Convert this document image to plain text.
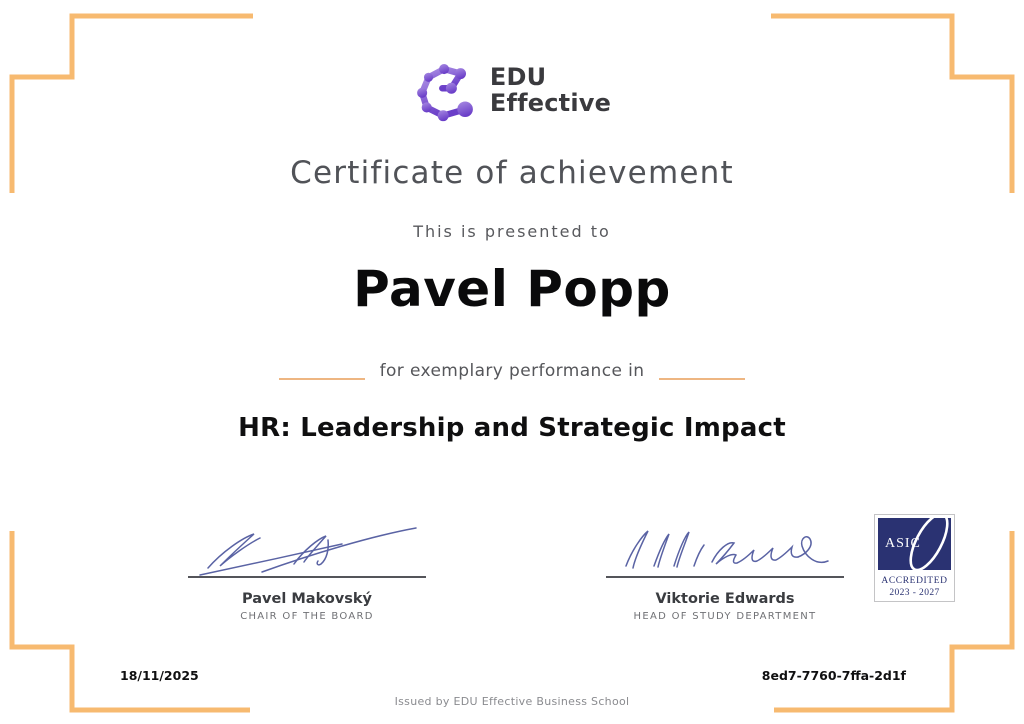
EDU
Effective
Certificate of achievement
This is presented to
Pavel Popp
for exemplary performance in
HR: Leadership and Strategic Impact
Pavel Makovský
CHAIR OF THE BOARD
Viktorie Edwards
HEAD OF STUDY DEPARTMENT
ASIC
ACCREDITED
2023 - 2027
18/11/2025	8ed7-7760-7ffa-2d1f
Issued by EDU Effective Business School
